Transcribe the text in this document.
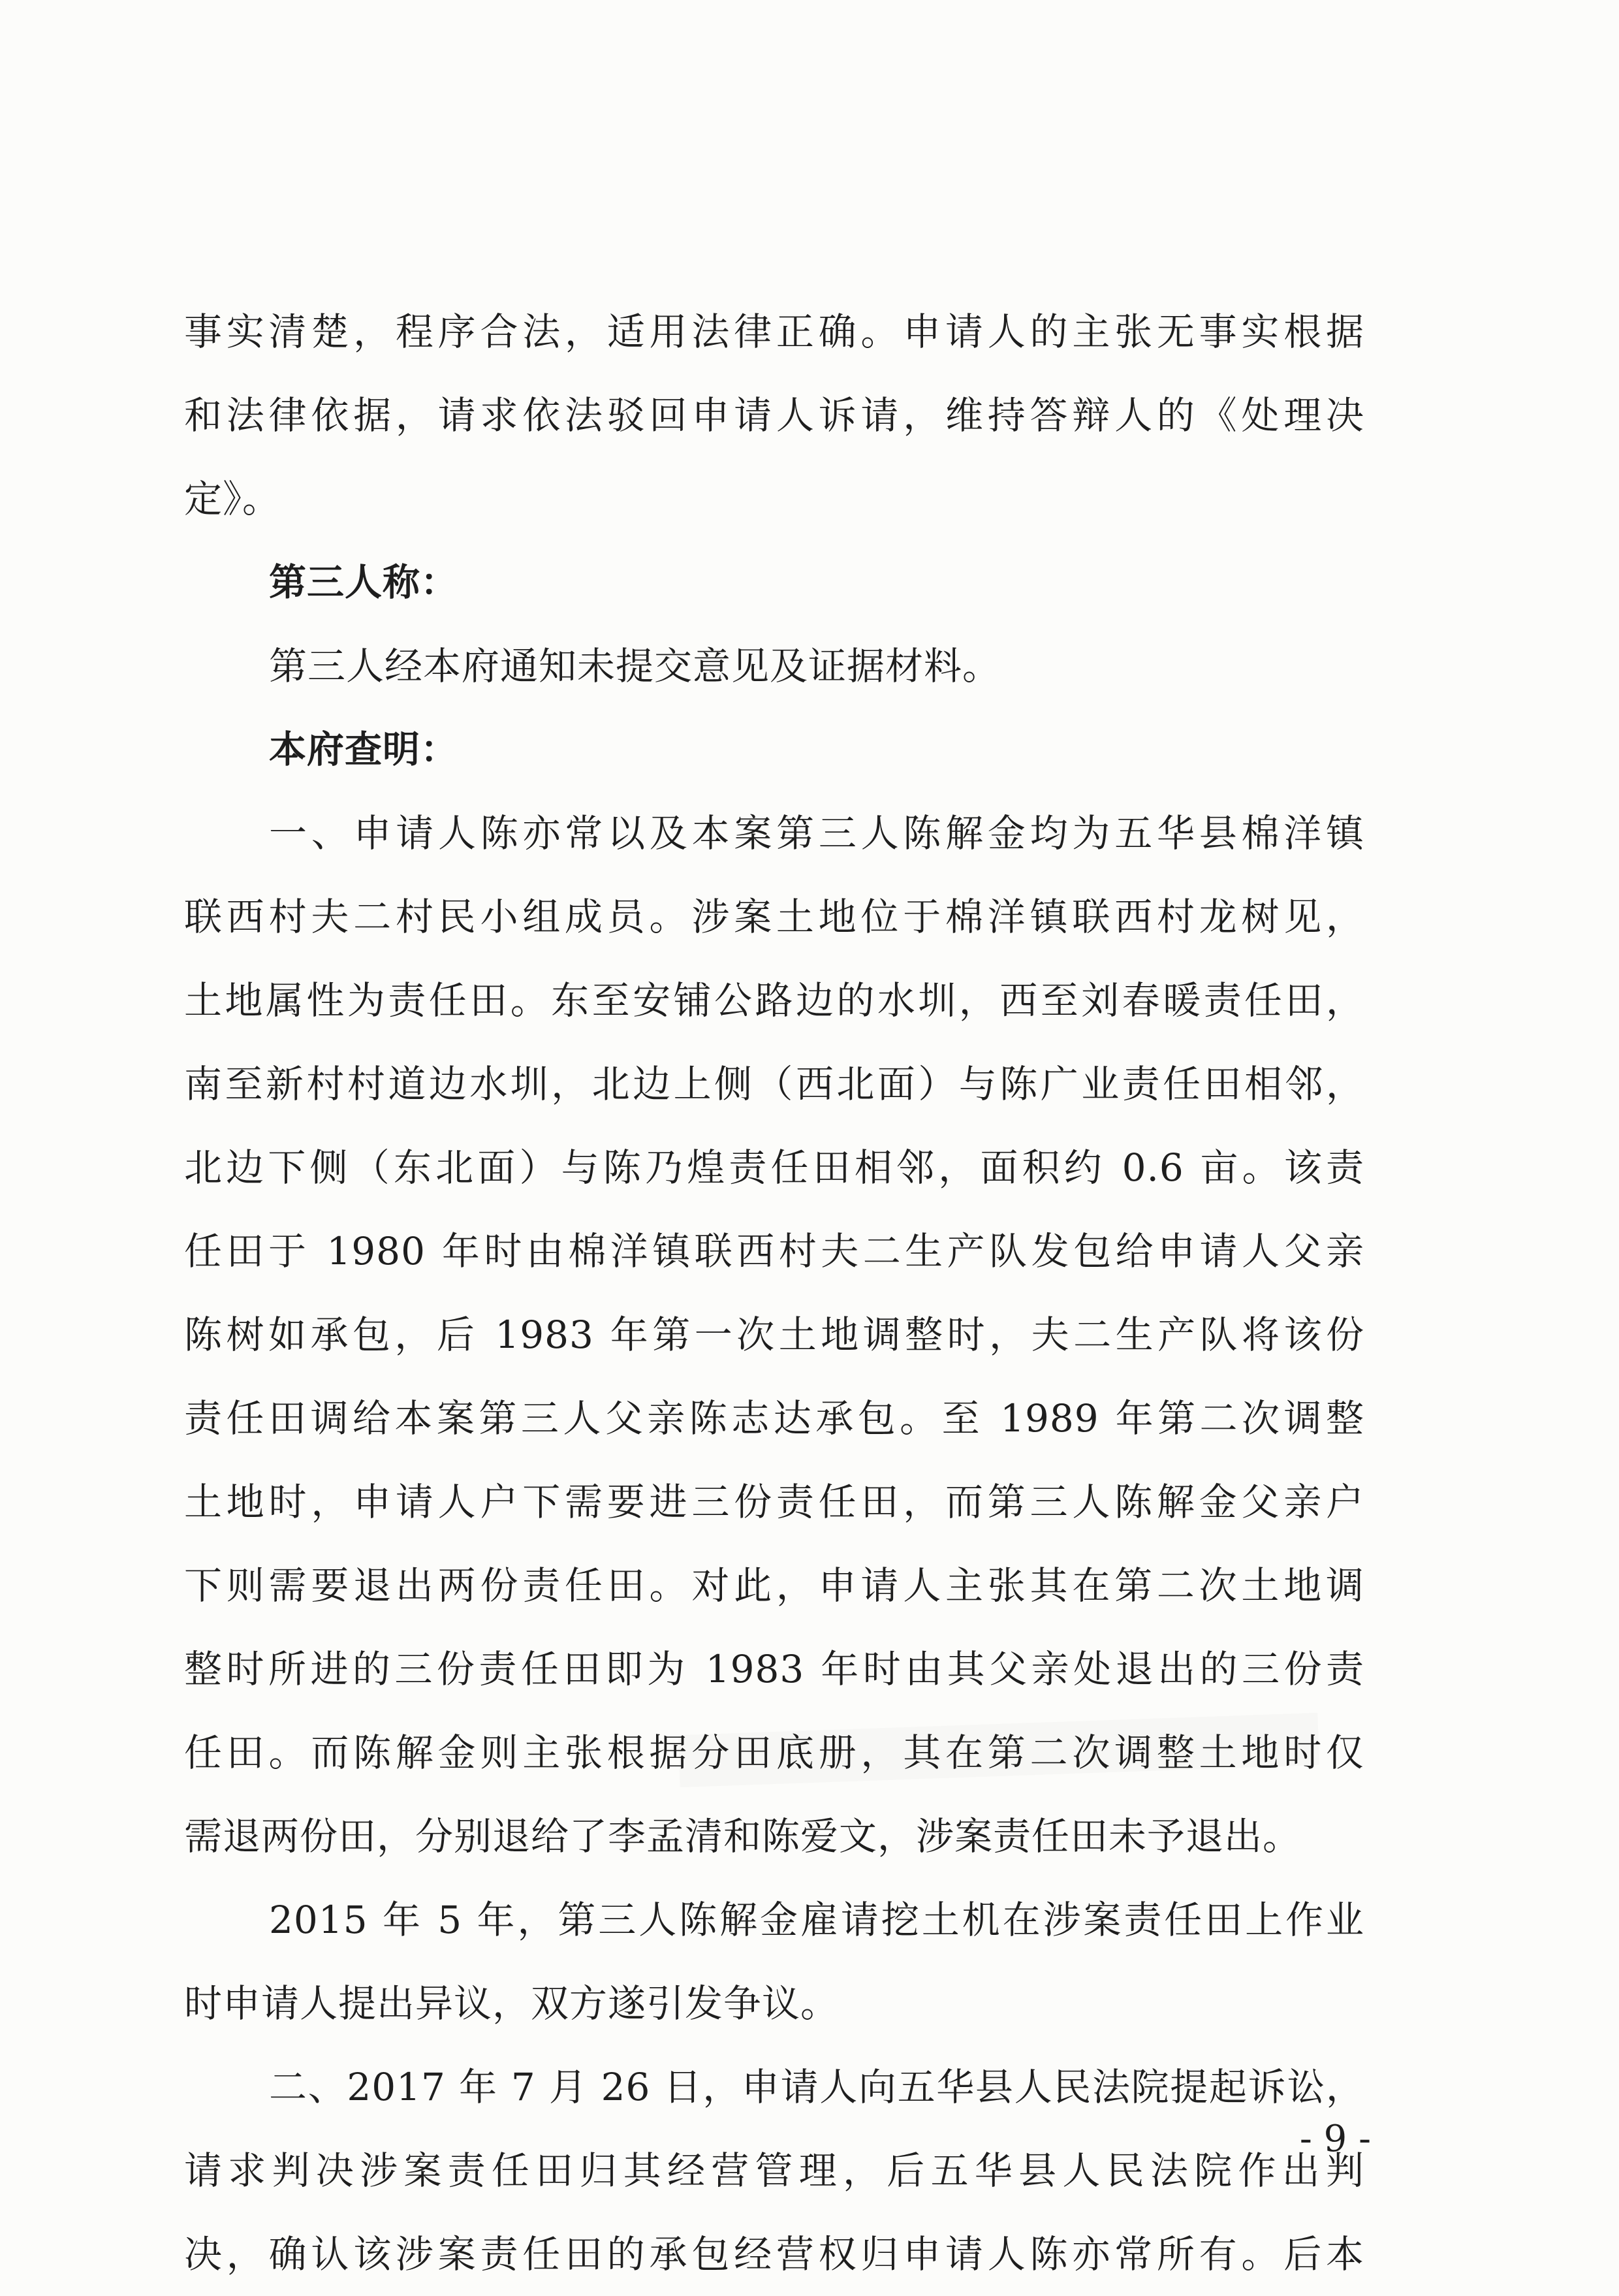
事实清楚，程序合法，适用法律正确。申请人的主张无事实根据
和法律依据，请求依法驳回申请人诉请，维持答辩人的《处理决
定》。
第三人称：
第三人经本府通知未提交意见及证据材料。
本府查明：
一、申请人陈亦常以及本案第三人陈解金均为五华县棉洋镇
联西村夫二村民小组成员。涉案土地位于棉洋镇联西村龙树见，
土地属性为责任田。东至安铺公路边的水圳，西至刘春暖责任田，
南至新村村道边水圳，北边上侧（西北面）与陈广业责任田相邻，
北边下侧（东北面）与陈乃煌责任田相邻，面积约 0.6 亩。该责
任田于 1980 年时由棉洋镇联西村夫二生产队发包给申请人父亲
陈树如承包，后 1983 年第一次土地调整时，夫二生产队将该份
责任田调给本案第三人父亲陈志达承包。至 1989 年第二次调整
土地时，申请人户下需要进三份责任田，而第三人陈解金父亲户
下则需要退出两份责任田。对此，申请人主张其在第二次土地调
整时所进的三份责任田即为 1983 年时由其父亲处退出的三份责
任田。而陈解金则主张根据分田底册，其在第二次调整土地时仅
需退两份田，分别退给了李孟清和陈爱文，涉案责任田未予退出。
2015 年 5 年，第三人陈解金雇请挖土机在涉案责任田上作业
时申请人提出异议，双方遂引发争议。
二、2017 年 7 月 26 日，申请人向五华县人民法院提起诉讼，
请求判决涉案责任田归其经营管理，后五华县人民法院作出判
决，确认该涉案责任田的承包经营权归申请人陈亦常所有。后本
- 9 -
